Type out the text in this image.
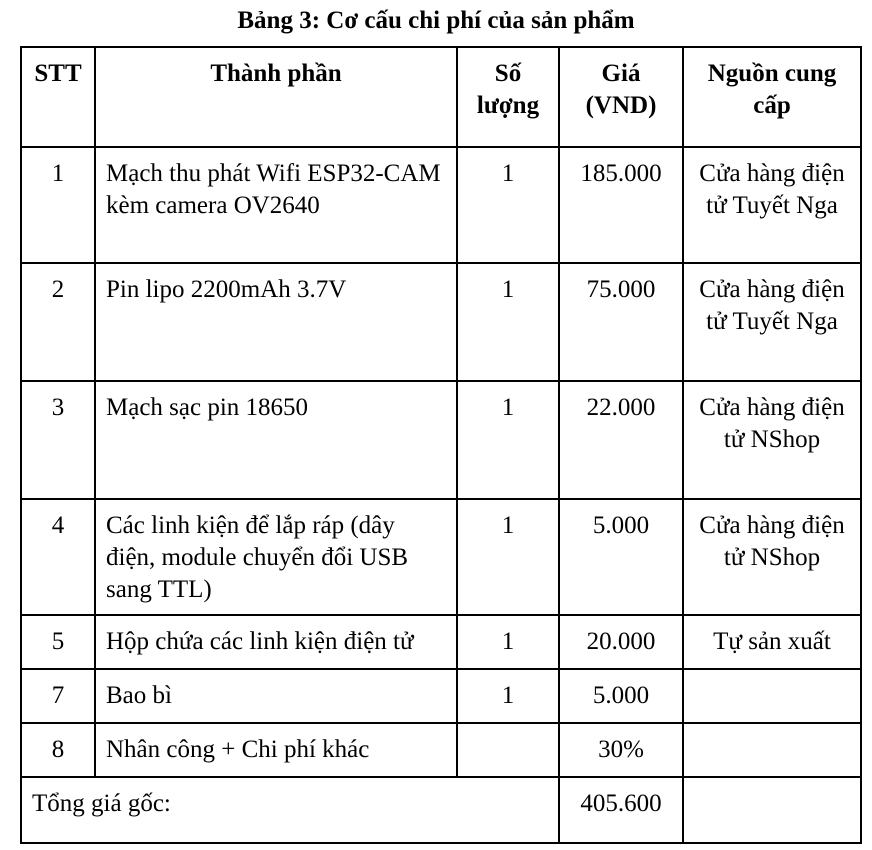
Bảng 3: Cơ cấu chi phí của sản phẩm
STT	Thành phần	Số lượng	Giá (VND)	Nguồn cung cấp
1	Mạch thu phát Wifi ESP32-CAM kèm camera OV2640	1	185.000	Cửa hàng điện tử Tuyết Nga
2	Pin lipo 2200mAh 3.7V	1	75.000	Cửa hàng điện tử Tuyết Nga
3	Mạch sạc pin 18650	1	22.000	Cửa hàng điện tử NShop
4	Các linh kiện để lắp ráp (dây điện, module chuyển đổi USB sang TTL)	1	5.000	Cửa hàng điện tử NShop
5	Hộp chứa các linh kiện điện tử	1	20.000	Tự sản xuất
7	Bao bì	1	5.000	
8	Nhân công + Chi phí khác		30%	
Tổng giá gốc:			405.600	
